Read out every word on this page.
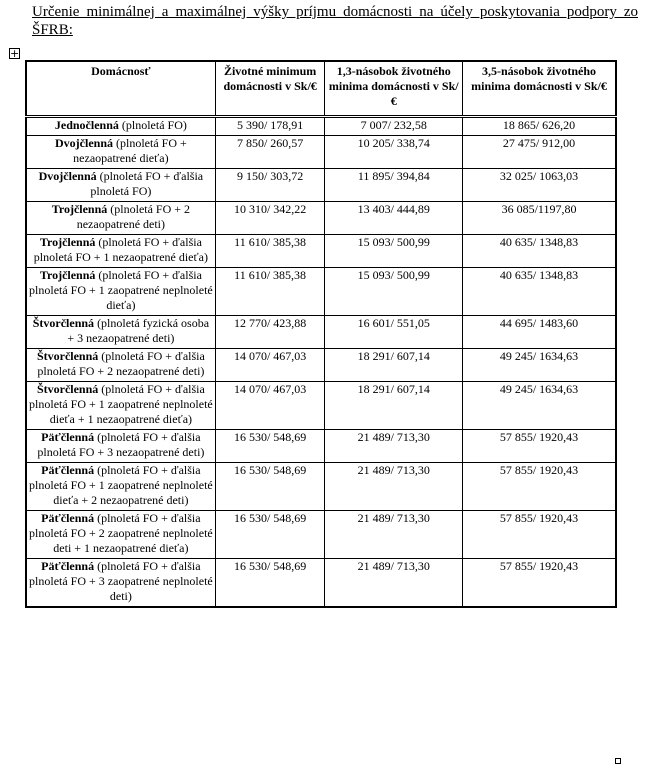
Určenie minimálnej a maximálnej výšky príjmu domácnosti na účely poskytovania podpory zo ŠFRB:
+
Domácnosť	Životné minimum domácnosti v Sk/€	1,3-násobok životného minima domácnosti v Sk/€	3,5-násobok životného minima domácnosti v Sk/€
Jednočlenná (plnoletá FO)	5 390/ 178,91	7 007/ 232,58	18 865/ 626,20
Dvojčlenná (plnoletá FO + nezaopatrené dieťa)	7 850/ 260,57	10 205/ 338,74	27 475/ 912,00
Dvojčlenná (plnoletá FO + ďalšia plnoletá FO)	9 150/ 303,72	11 895/ 394,84	32 025/ 1063,03
Trojčlenná (plnoletá FO + 2 nezaopatrené deti)	10 310/ 342,22	13 403/ 444,89	36 085/1197,80
Trojčlenná (plnoletá FO + ďalšia plnoletá FO + 1 nezaopatrené dieťa)	11 610/ 385,38	15 093/ 500,99	40 635/ 1348,83
Trojčlenná (plnoletá FO + ďalšia plnoletá FO + 1 zaopatrené neplnoleté dieťa)	11 610/ 385,38	15 093/ 500,99	40 635/ 1348,83
Štvorčlenná (plnoletá fyzická osoba + 3 nezaopatrené deti)	12 770/ 423,88	16 601/ 551,05	44 695/ 1483,60
Štvorčlenná (plnoletá FO + ďalšia plnoletá FO + 2 nezaopatrené deti)	14 070/ 467,03	18 291/ 607,14	49 245/ 1634,63
Štvorčlenná (plnoletá FO + ďalšia plnoletá FO + 1 zaopatrené neplnoleté dieťa + 1 nezaopatrené dieťa)	14 070/ 467,03	18 291/ 607,14	49 245/ 1634,63
Päťčlenná (plnoletá FO + ďalšia plnoletá FO + 3 nezaopatrené deti)	16 530/ 548,69	21 489/ 713,30	57 855/ 1920,43
Päťčlenná (plnoletá FO + ďalšia plnoletá FO + 1 zaopatrené neplnoleté dieťa + 2 nezaopatrené deti)	16 530/ 548,69	21 489/ 713,30	57 855/ 1920,43
Päťčlenná (plnoletá FO + ďalšia plnoletá FO + 2 zaopatrené neplnoleté deti + 1 nezaopatrené dieťa)	16 530/ 548,69	21 489/ 713,30	57 855/ 1920,43
Päťčlenná (plnoletá FO + ďalšia plnoletá FO + 3 zaopatrené neplnoleté deti)	16 530/ 548,69	21 489/ 713,30	57 855/ 1920,43
